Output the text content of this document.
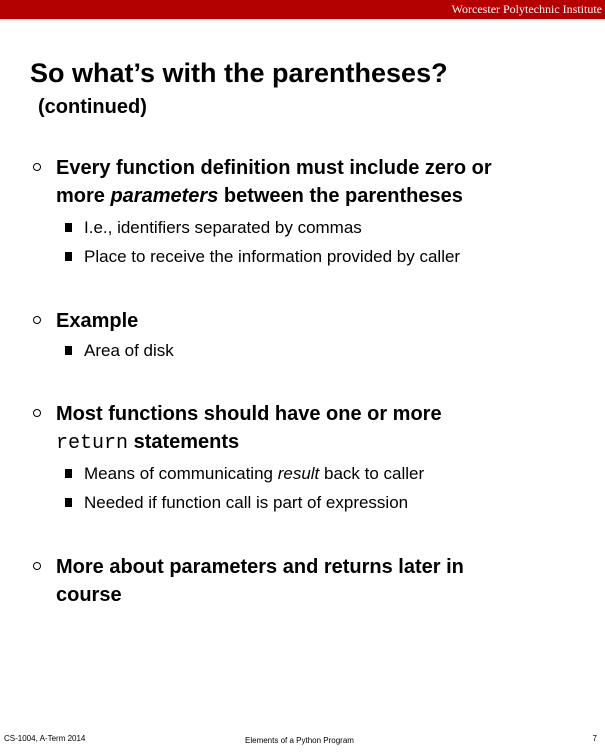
Worcester Polytechnic Institute
So what’s with the parentheses?
(continued)
Every function definition must include zero or
more parameters between the parentheses
I.e., identifiers separated by commas
Place to receive the information provided by caller
Example
Area of disk
Most functions should have one or more
return statements
Means of communicating result back to caller
Needed if function call is part of expression
More about parameters and returns later in
course
CS-1004, A-Term 2014	Elements of a Python Program	7
